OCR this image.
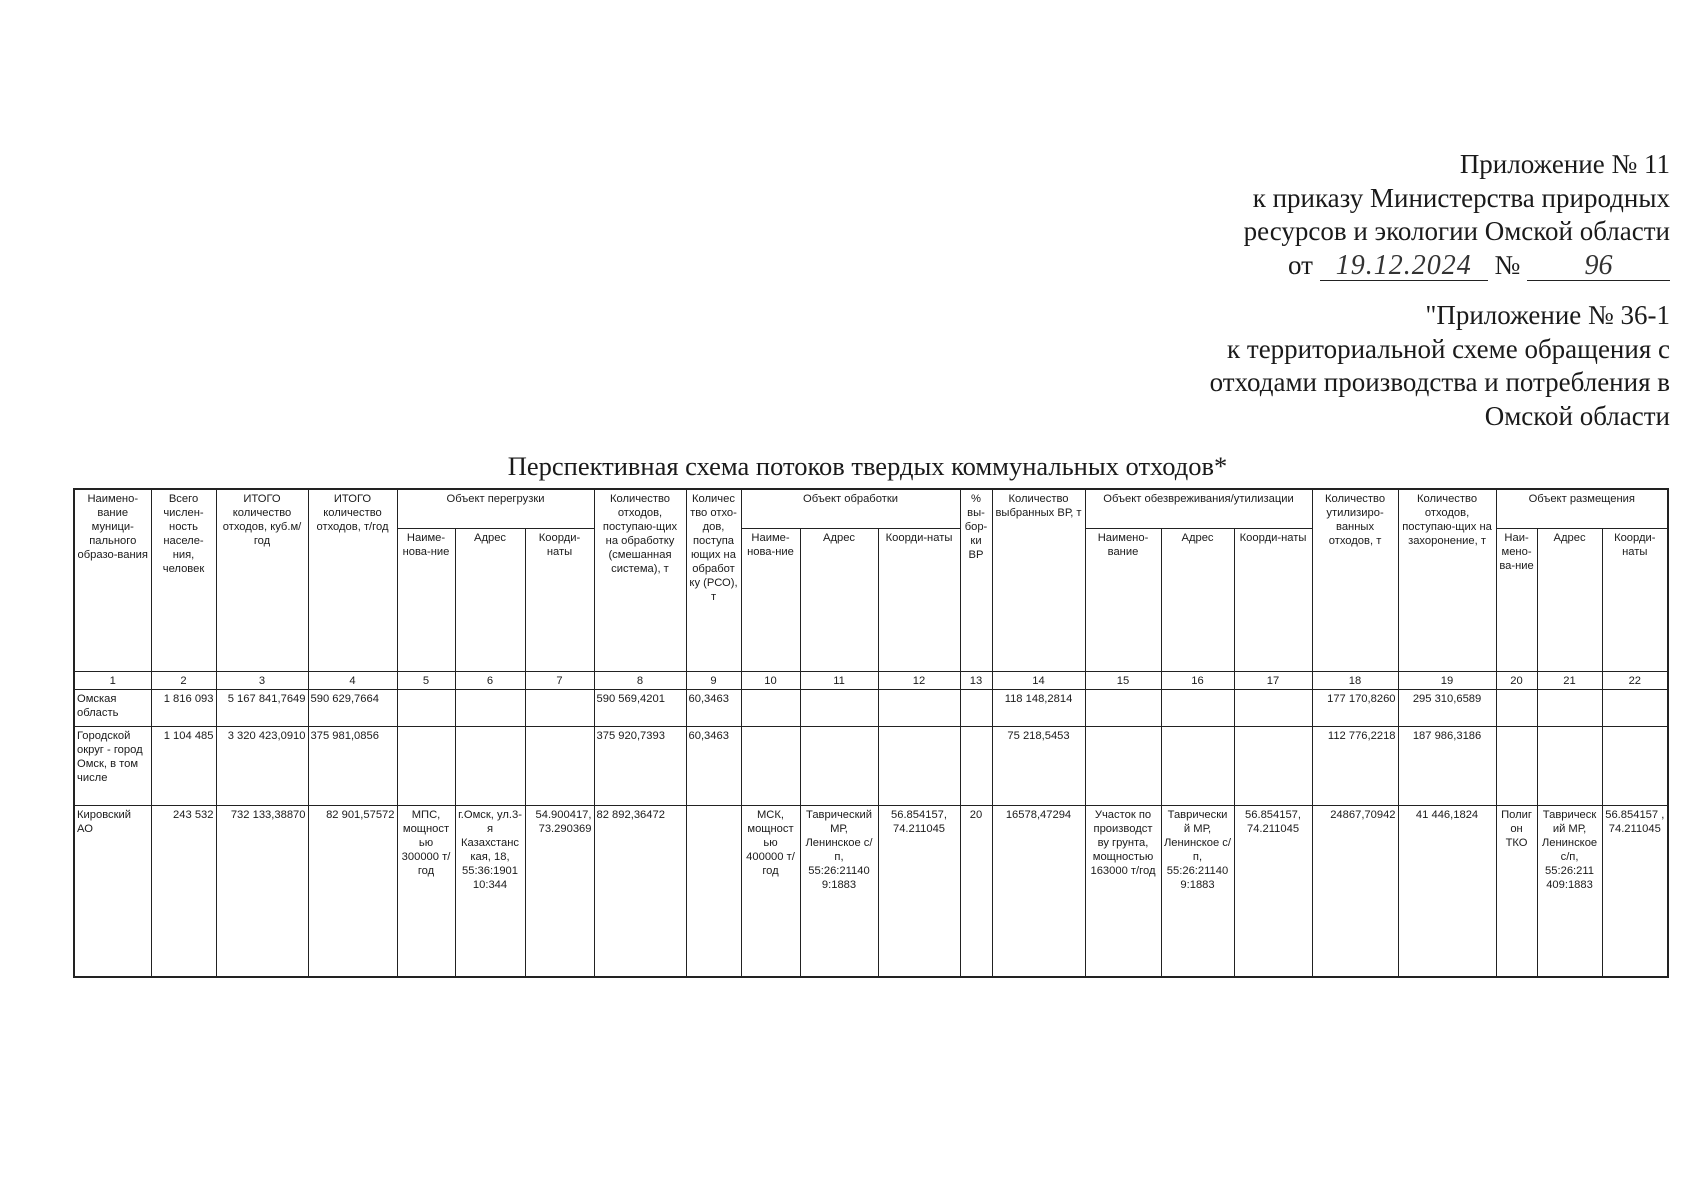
Приложение № 11
к приказу Министерства природных
ресурсов и экологии Омской области
от 19.12.2024 № 96
"Приложение № 36-1
к территориальной схеме обращения с
отходами производства и потребления в
Омской области
Перспективная схема потоков твердых коммунальных отходов*
Наимено-вание муници-пального образо-вания	Всего числен-ность населе-ния, человек	ИТОГО количество отходов, куб.м/год	ИТОГО количество отходов, т/год	Объект перегрузки			Количество отходов, поступаю-щих на обработку (смешанная система), т	Количес тво отхо-дов, поступа ющих на обработ ку (РСО), т	Объект обработки			% вы-бор-ки ВР	Количество выбранных ВР, т	Объект обезвреживания/утилизации			Количество утилизиро-ванных отходов, т	Количество отходов, поступаю-щих на захоронение, т	Объект размещения		
				Наиме-нова-ние	Адрес	Коорди-наты			Наиме-нова-ние	Адрес	Коорди-наты			Наимено-вание	Адрес	Коорди-наты			Наи-мено-ва-ние	Адрес	Коорди-наты
1	2	3	4	5	6	7	8	9	10	11	12	13	14	15	16	17	18	19	20	21	22
Омская область	1 816 093	5 167 841,7649	590 629,7664				590 569,4201	60,3463					118 148,2814				177 170,8260	295 310,6589			
Городской округ - город Омск, в том числе	1 104 485	3 320 423,0910	375 981,0856				375 920,7393	60,3463					75 218,5453				112 776,2218	187 986,3186			
Кировский АО	243 532	732 133,38870	82 901,57572	МПС, мощност ью 300000 т/год	г.Омск, ул.3-я Казахстанс кая, 18, 55:36:1901 10:344	54.900417, 73.290369	82 892,36472		МСК, мощност ью 400000 т/год	Таврический МР, Ленинское с/п, 55:26:21140 9:1883	56.854157, 74.211045	20	16578,47294	Участок по производст ву грунта, мощностью 163000 т/год	Таврически й МР, Ленинское с/п, 55:26:21140 9:1883	56.854157, 74.211045	24867,70942	41 446,1824	Полиг он ТКО	Таврическ ий МР, Ленинское с/п, 55:26:211 409:1883	56.854157 , 74.211045
